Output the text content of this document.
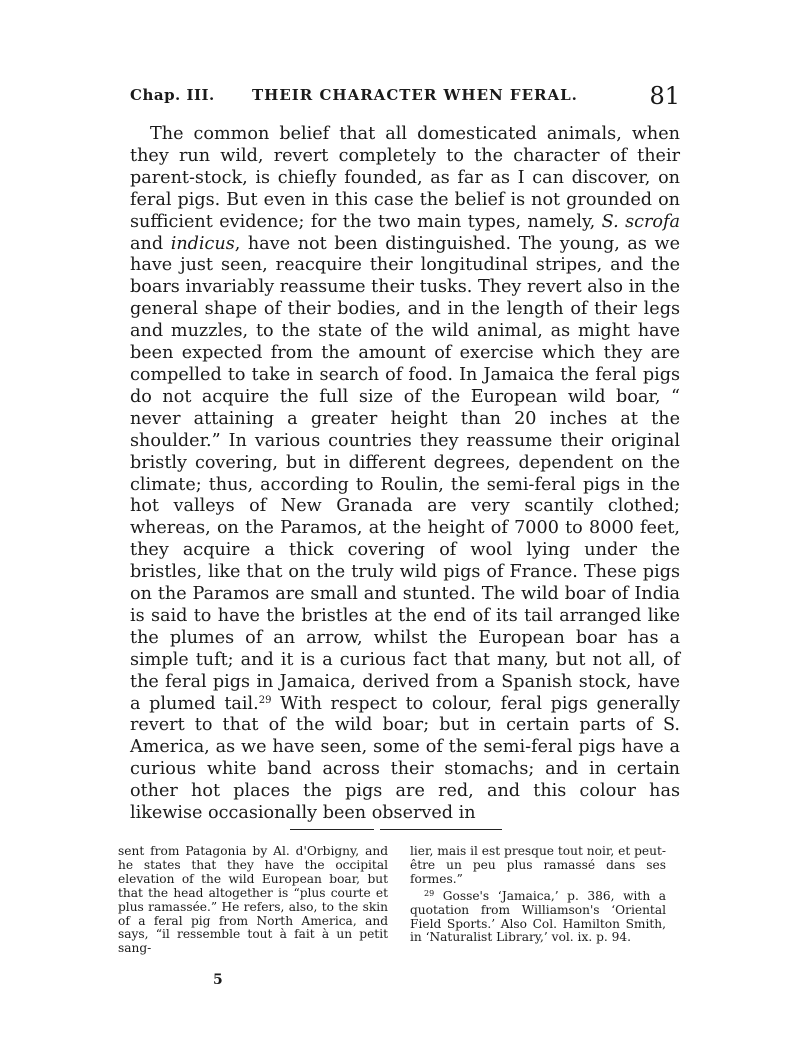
Chap. III. THEIR CHARACTER WHEN FERAL.	81

The common belief that all domesticated animals, when they run wild, revert completely to the character of their parent-stock, is chiefly founded, as far as I can discover, on feral pigs. But even in this case the belief is not grounded on sufficient evidence; for the two main types, namely, S. scrofa and indicus, have not been distinguished. The young, as we have just seen, reacquire their longitudinal stripes, and the boars invariably reassume their tusks. They revert also in the general shape of their bodies, and in the length of their legs and muzzles, to the state of the wild animal, as might have been expected from the amount of exercise which they are compelled to take in search of food. In Jamaica the feral pigs do not acquire the full size of the European wild boar, “ never attaining a greater height than 20 inches at the shoulder.” In various countries they reassume their original bristly covering, but in different degrees, dependent on the climate; thus, according to Roulin, the semi-feral pigs in the hot valleys of New Granada are very scantily clothed; whereas, on the Paramos, at the height of 7000 to 8000 feet, they acquire a thick covering of wool lying under the bristles, like that on the truly wild pigs of France. These pigs on the Paramos are small and stunted. The wild boar of India is said to have the bristles at the end of its tail arranged like the plumes of an arrow, whilst the European boar has a simple tuft; and it is a curious fact that many, but not all, of the feral pigs in Jamaica, derived from a Spanish stock, have a plumed tail.$^{29}$ With respect to colour, feral pigs generally revert to that of the wild boar; but in certain parts of S. America, as we have seen, some of the semi-feral pigs have a curious white band across their stomachs; and in certain other hot places the pigs are red, and this colour has likewise occasionally been observed in

sent from Patagonia by Al. d'Orbigny, and he states that they have the occipital elevation of the wild European boar, but that the head altogether is “plus courte et plus ramassée.” He refers, also, to the skin of a feral pig from North America, and says, “il ressemble tout à fait à un petit sang-

lier, mais il est presque tout noir, et peut-être un peu plus ramassé dans ses formes.”

$^{29}$ Gosse's ‘Jamaica,’ p. 386, with a quotation from Williamson's ‘Oriental Field Sports.’ Also Col. Hamilton Smith, in ‘Naturalist Library,’ vol. ix. p. 94.

5
